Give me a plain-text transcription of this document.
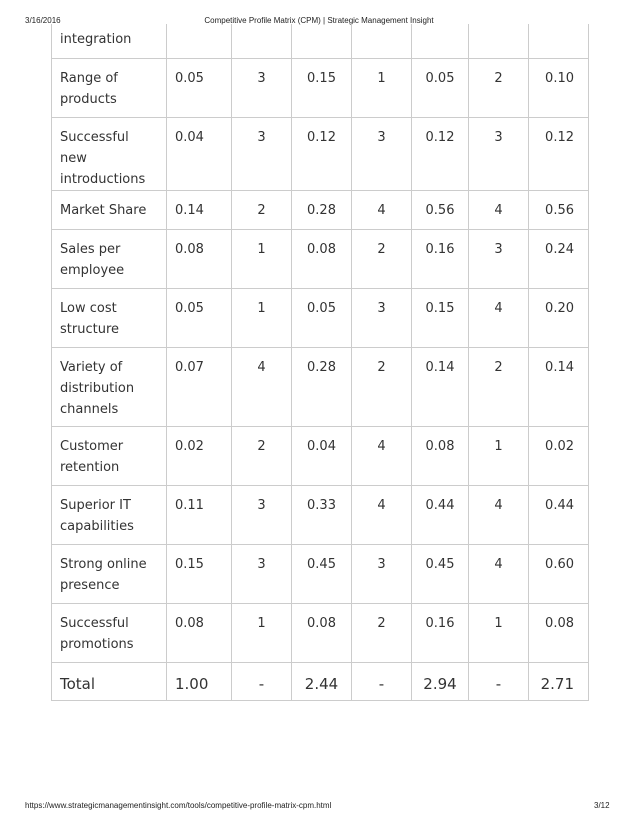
3/16/2016	Competitive Profile Matrix (CPM) | Strategic Management Insight
integration							
Range of products	0.05	3	0.15	1	0.05	2	0.10
Successful new introductions	0.04	3	0.12	3	0.12	3	0.12
Market Share	0.14	2	0.28	4	0.56	4	0.56
Sales per employee	0.08	1	0.08	2	0.16	3	0.24
Low cost structure	0.05	1	0.05	3	0.15	4	0.20
Variety of distribution channels	0.07	4	0.28	2	0.14	2	0.14
Customer retention	0.02	2	0.04	4	0.08	1	0.02
Superior IT capabilities	0.11	3	0.33	4	0.44	4	0.44
Strong online presence	0.15	3	0.45	3	0.45	4	0.60
Successful promotions	0.08	1	0.08	2	0.16	1	0.08
Total	1.00	-	2.44	-	2.94	-	2.71
https://www.strategicmanagementinsight.com/tools/competitive-profile-matrix-cpm.html	3/12
